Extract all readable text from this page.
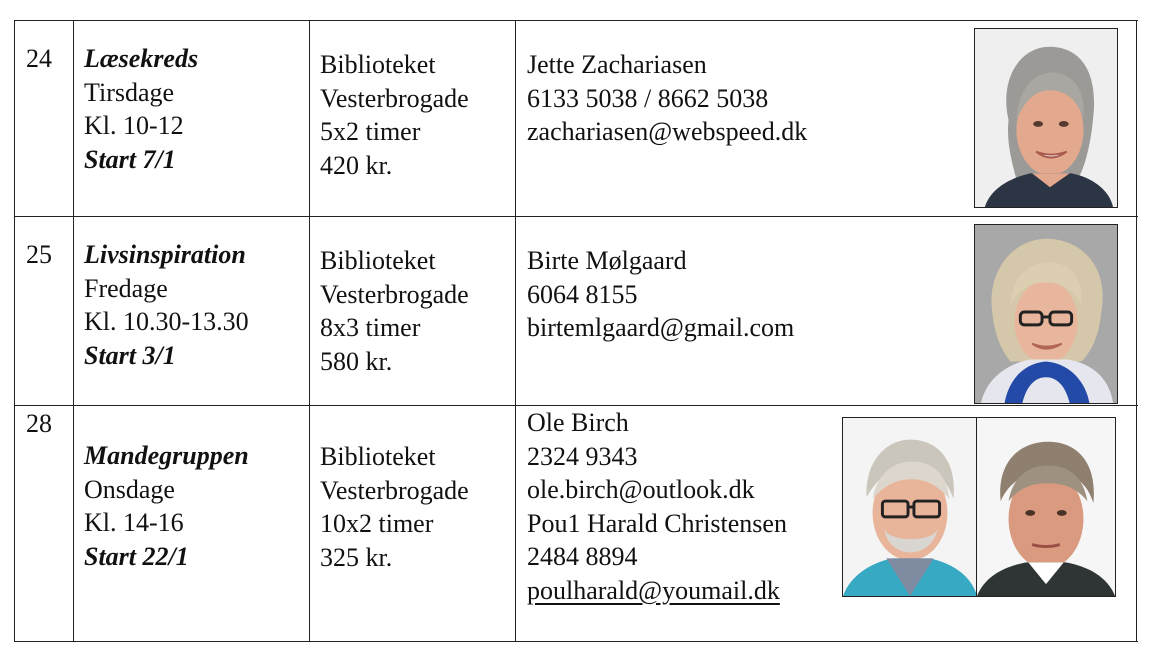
24	Læsekreds
Tirsdage
Kl. 10-12
Start 7/1
Biblioteket
Vesterbrogade
5x2 timer
420 kr.
Jette Zachariasen
6133 5038 / 8662 5038
zachariasen@webspeed.dk
25	Livsinspiration
Fredage
Kl. 10.30-13.30
Start 3/1
Biblioteket
Vesterbrogade
8x3 timer
580 kr.
Birte Mølgaard
6064 8155
birtemlgaard@gmail.com
28
Mandegruppen
Onsdage
Kl. 14-16
Start 22/1
Biblioteket
Vesterbrogade
10x2 timer
325 kr.
Ole Birch
2324 9343
ole.birch@outlook.dk
Pou1 Harald Christensen
2484 8894
poulharald@youmail.dk
